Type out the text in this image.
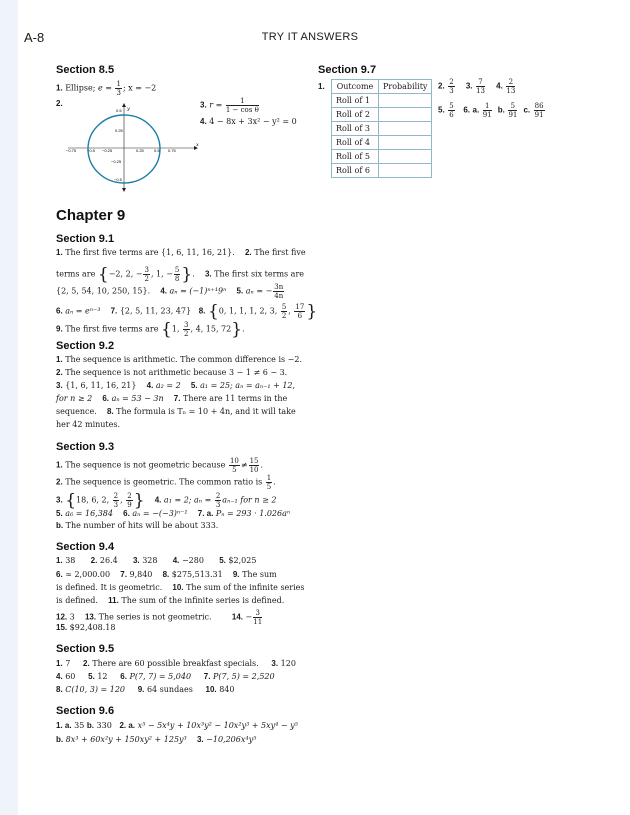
A-8	TRY IT ANSWERS
Section 8.5
1. Ellipse; $e = \frac{1}{3}$ ; x = −2
2.
−0.75	−0.5 −0.25	0.25	0.5 0.75
0.25
−0.25
−0.5
0.5 y
x
3. $r = \frac{1}{\text{1 − cos θ}}$
4. 4 − 8x + 3x² − y² = 0
Section 9.7
1. Outcome	Probability
Roll of 1	
Roll of 2	
Roll of 3	
Roll of 4	
Roll of 5	
Roll of 6	
2. $\frac{2}{3} 3$. $\frac{7}{13} 4$. $\frac{2}{13}$
5. $\frac{5}{6} 6$. a. $\frac{1}{91} b$. $\frac{5}{91} c$. $\frac{86}{91}$
Chapter 9
Section 9.1
1. The first five terms are {1, 6, 11, 16, 21}. 2. The first five
terms are {−2, 2, − $\frac{3}{2}$ , 1, − $\frac{5}{8}$ }.    3. The first six terms are
{2, 5, 54, 10, 250, 15}. 4. aₙ = (−1)ⁿ⁺¹9ⁿ 5. aₙ = − $\frac{3n}{4n}$
6. aₙ = eⁿ⁻³ 7. {2, 5, 11, 23, 47} 8. {0, 1, 1, 1, 2, 3, $\frac{5}{2}$ , $\frac{17}{6}$ }
9. The first five terms are {1, $\frac{3}{2}$ , 4, 15, 72}.
Section 9.2
1. The sequence is arithmetic. The common difference is −2.
2. The sequence is not arithmetic because 3 − 1 ≠ 6 − 3.
3. {1, 6, 11, 16, 21} 4. a₂ = 2 5. a₁ = 25; aₙ = aₙ₋₁ + 12,
for n ≥ 2 6. aₙ = 53 − 3n 7. There are 11 terms in the
sequence. 8. The formula is Tₙ = 10 + 4n, and it will take
her 42 minutes.
Section 9.3
1. The sequence is not geometric because $\frac{10}{5} \ne \frac{15}{10}$ .
2. The sequence is geometric. The common ratio is $\frac{1}{5}$ .
3. {18, 6, 2, $\frac{2}{3}$ , $\frac{2}{9}$ } 4. a₁ = 2; $a_n = \frac{2}{3} a_{n-1}$ for n ≥ 2
5. a₆ = 16,384 6. aₙ = −(−3)ⁿ⁻¹ 7. a. Pₙ = 293 · 1.026aⁿ
b. The number of hits will be about 333.
Section 9.4
1. 38 2. 26.4 3. 328 4. −280 5. $2,025
6. ≈ 2,000.00 7. 9,840 8. $275,513.31 9. The sum
is defined. It is geometric. 10. The sum of the infinite series
is defined. 11. The sum of the infinite series is defined.
12. 3 13. The series is not geometric.	14. − $\frac{3}{11}$
15. $92,408.18
Section 9.5
1. 7 2. There are 60 possible breakfast specials. 3. 120
4. 60 5. 12 6. P(7, 7) = 5,040 7. P(7, 5) = 2,520
8. C(10, 3) = 120 9. 64 sundaes 10. 840
Section 9.6
1. a. 35 b. 330 2. a. x⁵ − 5x⁴y + 10x³y² − 10x²y³ + 5xy⁴ − y⁵
b. 8x³ + 60x²y + 150xy² + 125y³ 3. −10,206x⁴y⁵
